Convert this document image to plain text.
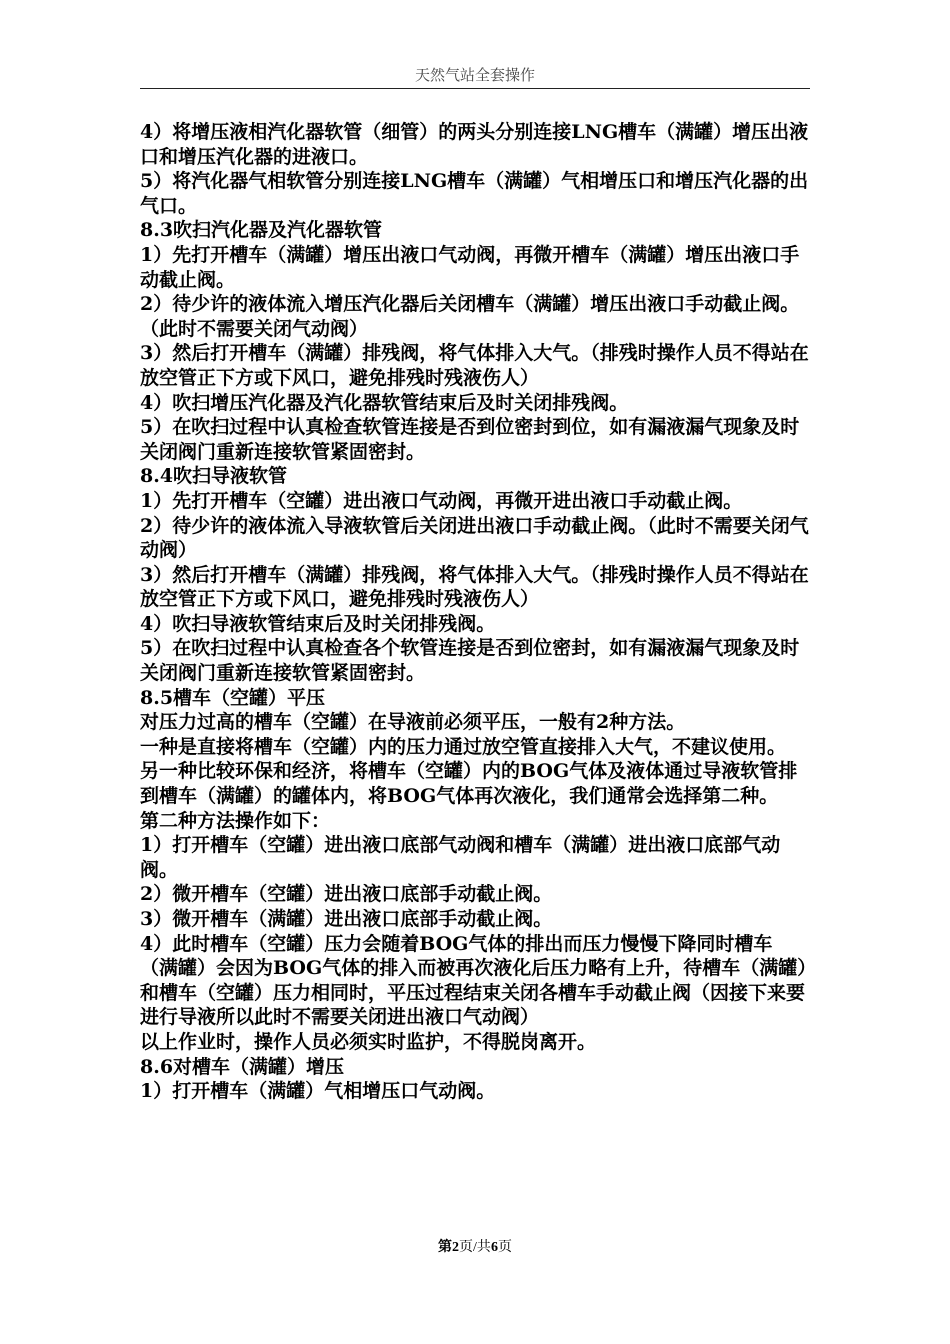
天然气站全套操作

4）将增压液相汽化器软管（细管）的两头分别连接LNG槽车（满罐）增压出液口和增压汽化器的进液口。

5）将汽化器气相软管分别连接LNG槽车（满罐）气相增压口和增压汽化器的出气口。

8.3吹扫汽化器及汽化器软管

1）先打开槽车（满罐）增压出液口气动阀，再微开槽车（满罐）增压出液口手动截止阀。

2）待少许的液体流入增压汽化器后关闭槽车（满罐）增压出液口手动截止阀。（此时不需要关闭气动阀）

3）然后打开槽车（满罐）排残阀，将气体排入大气。（排残时操作人员不得站在放空管正下方或下风口，避免排残时残液伤人）

4）吹扫增压汽化器及汽化器软管结束后及时关闭排残阀。

5）在吹扫过程中认真检查软管连接是否到位密封到位，如有漏液漏气现象及时关闭阀门重新连接软管紧固密封。

8.4吹扫导液软管

1）先打开槽车（空罐）进出液口气动阀，再微开进出液口手动截止阀。

2）待少许的液体流入导液软管后关闭进出液口手动截止阀。（此时不需要关闭气动阀）

3）然后打开槽车（满罐）排残阀，将气体排入大气。（排残时操作人员不得站在放空管正下方或下风口，避免排残时残液伤人）

4）吹扫导液软管结束后及时关闭排残阀。

5）在吹扫过程中认真检查各个软管连接是否到位密封，如有漏液漏气现象及时关闭阀门重新连接软管紧固密封。

8.5槽车（空罐）平压

对压力过高的槽车（空罐）在导液前必须平压，一般有2种方法。

一种是直接将槽车（空罐）内的压力通过放空管直接排入大气，不建议使用。

另一种比较环保和经济，将槽车（空罐）内的BOG气体及液体通过导液软管排到槽车（满罐）的罐体内，将BOG气体再次液化，我们通常会选择第二种。

第二种方法操作如下：

1）打开槽车（空罐）进出液口底部气动阀和槽车（满罐）进出液口底部气动阀。

2）微开槽车（空罐）进出液口底部手动截止阀。

3）微开槽车（满罐）进出液口底部手动截止阀。

4）此时槽车（空罐）压力会随着BOG气体的排出而压力慢慢下降同时槽车（满罐）会因为BOG气体的排入而被再次液化后压力略有上升，待槽车（满罐）和槽车（空罐）压力相同时，平压过程结束关闭各槽车手动截止阀（因接下来要进行导液所以此时不需要关闭进出液口气动阀）

以上作业时，操作人员必须实时监护，不得脱岗离开。

8.6对槽车（满罐）增压

1）打开槽车（满罐）气相增压口气动阀。

第2页/共6页
